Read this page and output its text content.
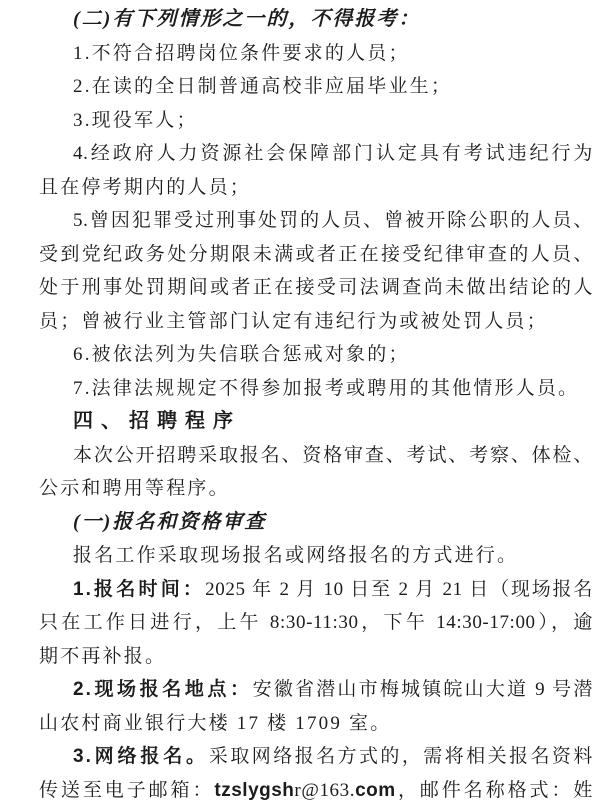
(二)有下列情形之一的，不得报考：
1.不符合招聘岗位条件要求的人员；
2.在读的全日制普通高校非应届毕业生；
3.现役军人；
4.经政府人力资源社会保障部门认定具有考试违纪行为
且在停考期内的人员；
5.曾因犯罪受过刑事处罚的人员、曾被开除公职的人员、
受到党纪政务处分期限未满或者正在接受纪律审查的人员、
处于刑事处罚期间或者正在接受司法调查尚未做出结论的人
员；曾被行业主管部门认定有违纪行为或被处罚人员；
6.被依法列为失信联合惩戒对象的；
7.法律法规规定不得参加报考或聘用的其他情形人员。
四、招聘程序
本次公开招聘采取报名、资格审查、考试、考察、体检、
公示和聘用等程序。
(一)报名和资格审查
报名工作采取现场报名或网络报名的方式进行。
1.报名时间：2025 年 2 月 10 日至 2 月 21 日（现场报名
只在工作日进行，上午 8:30-11:30，下午 14:30-17:00），逾
期不再补报。
2.现场报名地点：安徽省潜山市梅城镇皖山大道 9 号潜
山农村商业银行大楼 17 楼 1709 室。
3.网络报名。采取网络报名方式的，需将相关报名资料
传送至电子邮箱：tzslygshr@163.com，邮件名称格式：姓
